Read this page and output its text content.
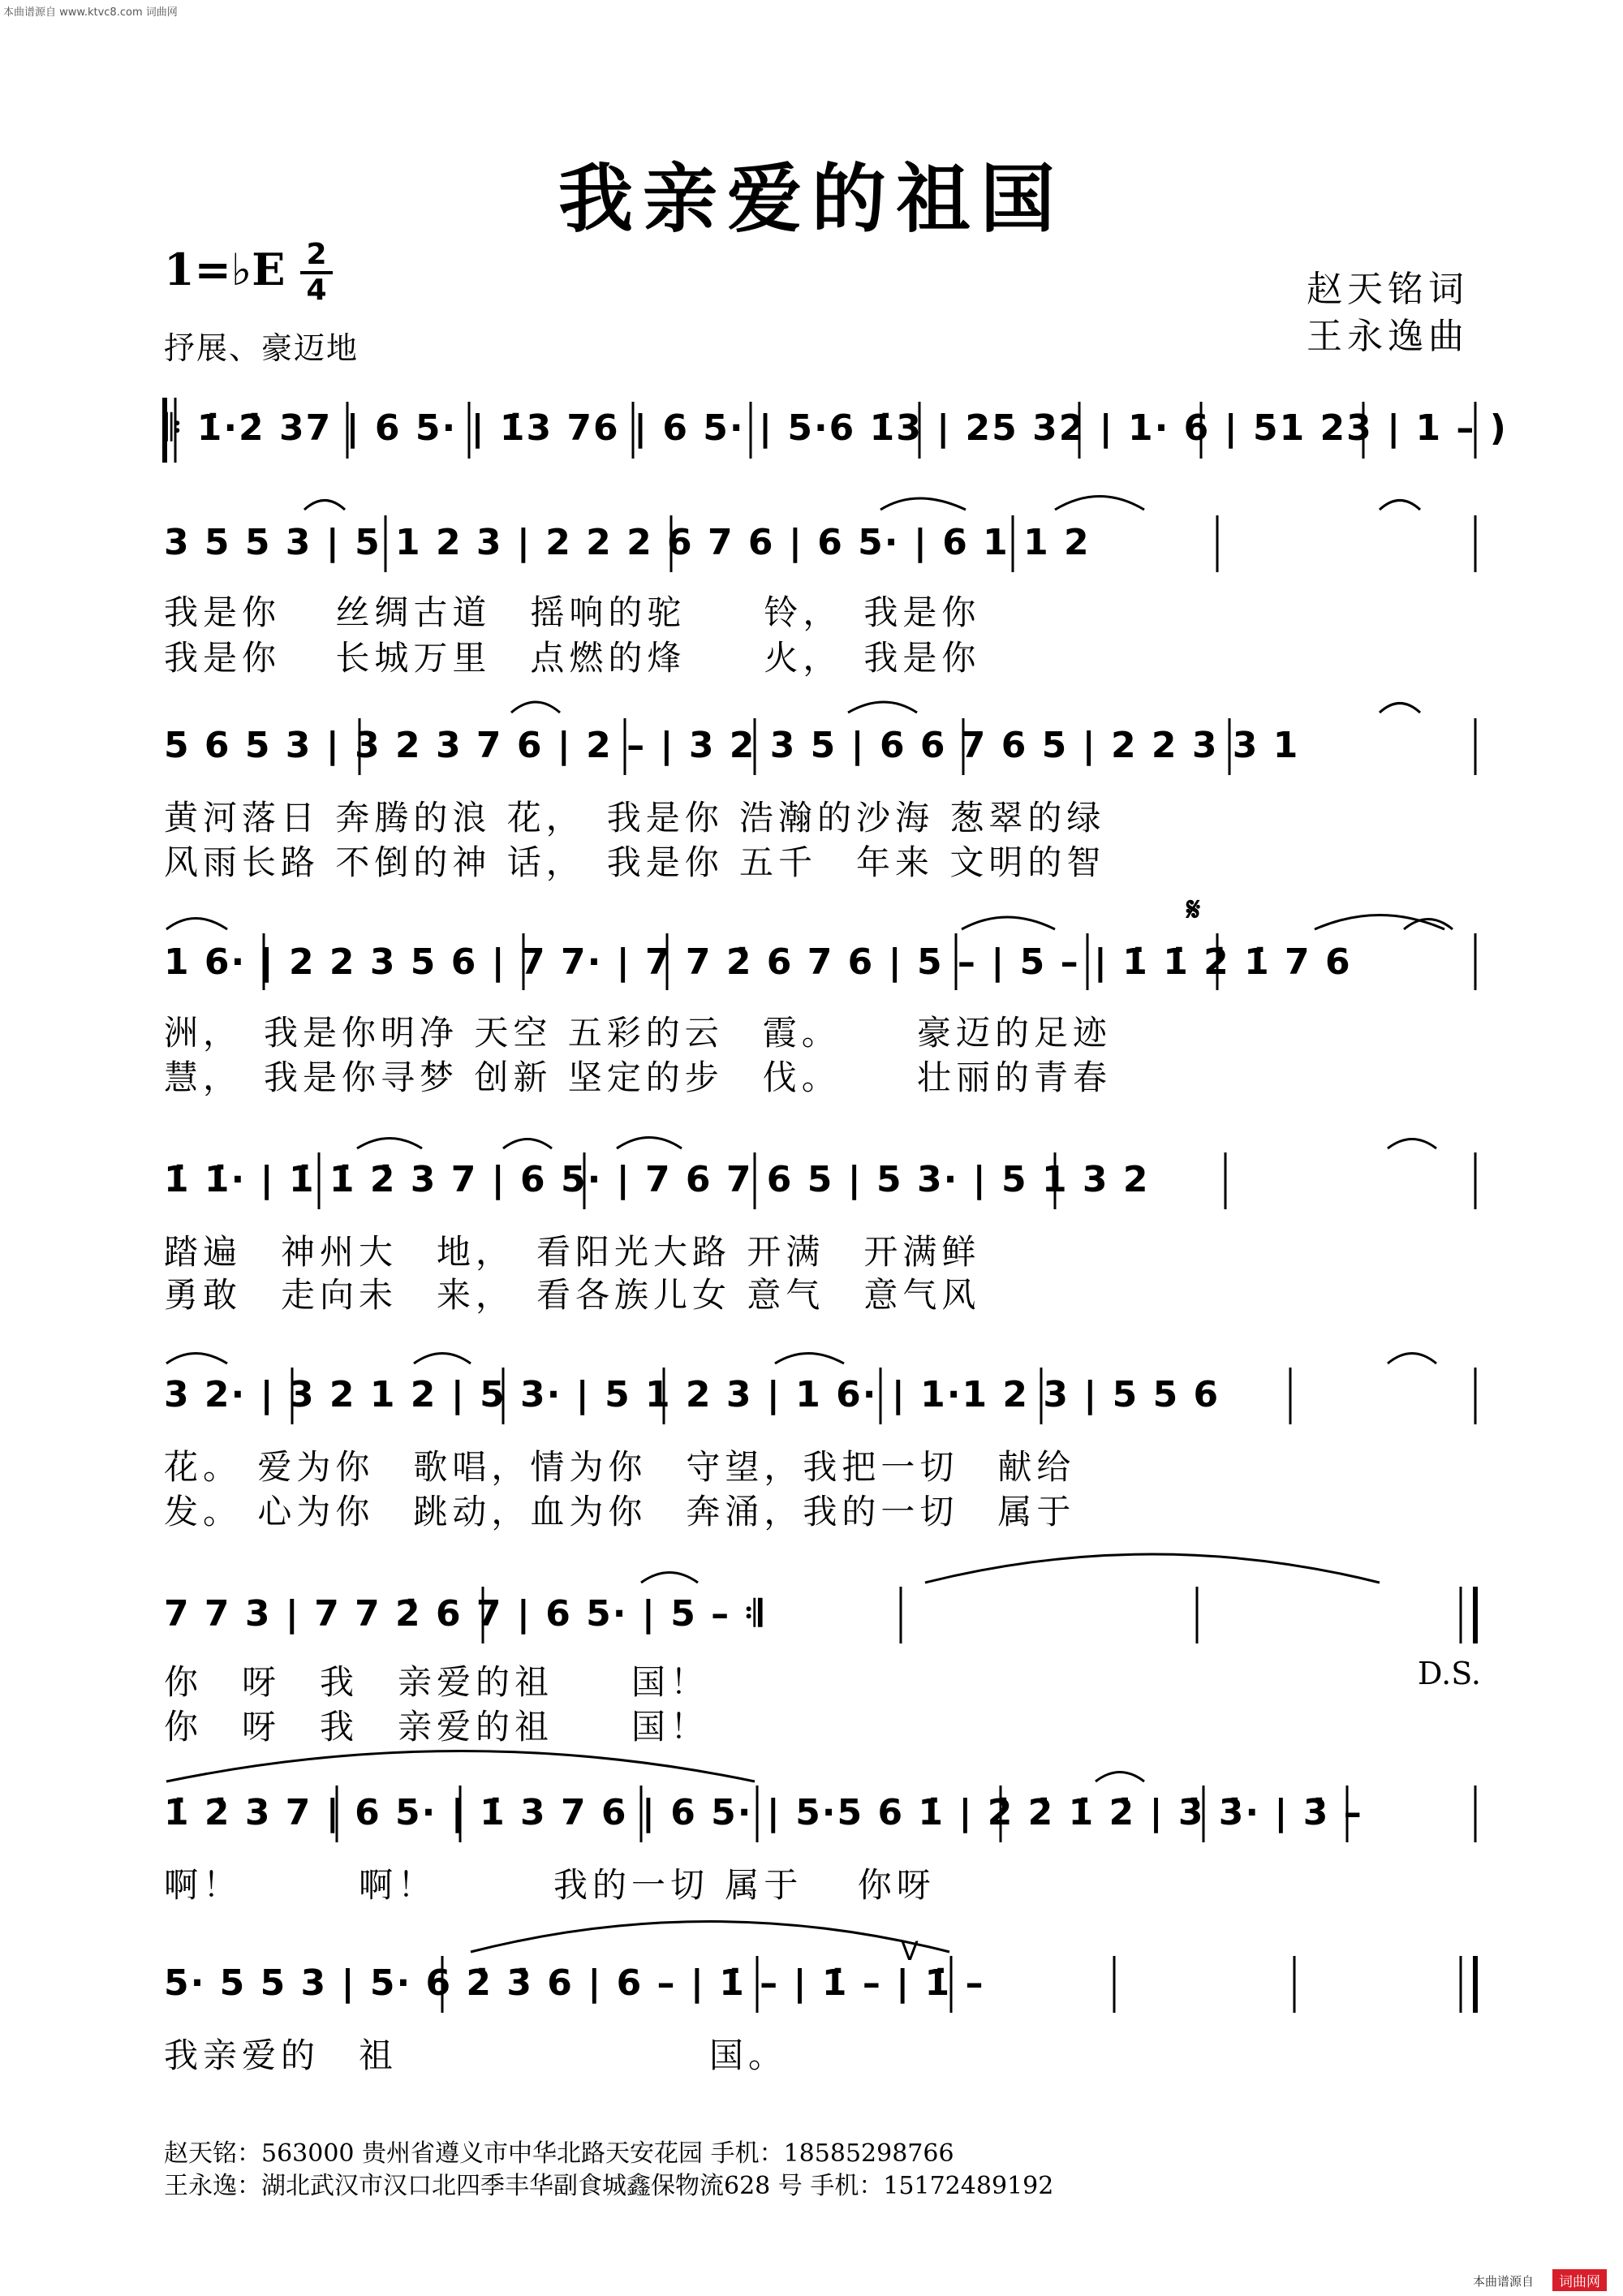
本曲谱源自 www.ktvc8.com 词曲网
我亲爱的祖国
1=♭E 2
4
抒展、豪迈地
赵天铭词
王永逸曲
𝄆 1̇·2̇ 37 | 6 5· | 1̇3 76 | 6 5· | 5·6 1̇3 | 25 32 | 1· 6 | 51 23 | 1 – )
3 5 5 3 | 5 1 2 3 | 2 2 2 6 7 6 | 6 5· | 6 1 1 2
我是你　 丝绸古道　摇响的驼　　铃，　我是你
我是你　 长城万里　点燃的烽　　火，　我是你
5 6 5 3 | 3 2 3 7 6 | 2 – | 3 2 3 5 | 6 6 7 6 5 | 2 2 3 3 1
黄河落日 奔腾的浪 花，　我是你 浩瀚的沙海 葱翠的绿
风雨长路 不倒的神 话，　我是你 五千　年来 文明的智
𝄋
1 6· | 2 2 3 5 6 | 7 7· | 7 7 2̇ 6 7 6 | 5 – | 5 – | 1̇ 1̇ 2̇ 1̇ 7 6
洲，　我是你明净 天空 五彩的云　霞。　　 豪迈的足迹
慧，　我是你寻梦 创新 坚定的步　伐。　　 壮丽的青春
1̇ 1̇· | 1̇ 1̇ 2̇ 3 7 | 6 5· | 7 6 7 6 5 | 5 3· | 5 1 3 2
踏遍　神州大　地，　看阳光大路 开满　开满鲜
勇敢　走向未　来，　看各族儿女 意气　意气风
3 2· | 3 2 1 2 | 5 3· | 5 1 2 3 | 1 6· | 1·1 2 3 | 5 5 6
花。 爱为你　歌唱，情为你　守望，我把一切　献给
发。 心为你　跳动，血为你　奔涌，我的一切　属于
7 7 3 | 7 7 2̇ 6 7 | 6 5· | 5 – 𝄇
你　呀　我　亲爱的祖　　国！	D.S.
你　呀　我　亲爱的祖　　国！
1̇ 2̇ 3 7 | 6 5· | 1̇ 3 7 6 | 6 5· | 5·5 6 1̇ | 2̇ 2̇ 1̇ 2̇ | 3̇ 3̇· | 3̇ –
啊！　　　啊！　　　我的一切 属于　 你呀
V
5· 5 5 3 | 5· 6 2̇ 3̇ 6 | 6 – | 1̇ – | 1̇ – | 1̇ –
我亲爱的　祖　　　　　　　　国。
赵天铭：563000 贵州省遵义市中华北路天安花园 手机：18585298766
王永逸：湖北武汉市汉口北四季丰华副食城鑫保物流628 号 手机：15172489192
本曲谱源自	词曲网
